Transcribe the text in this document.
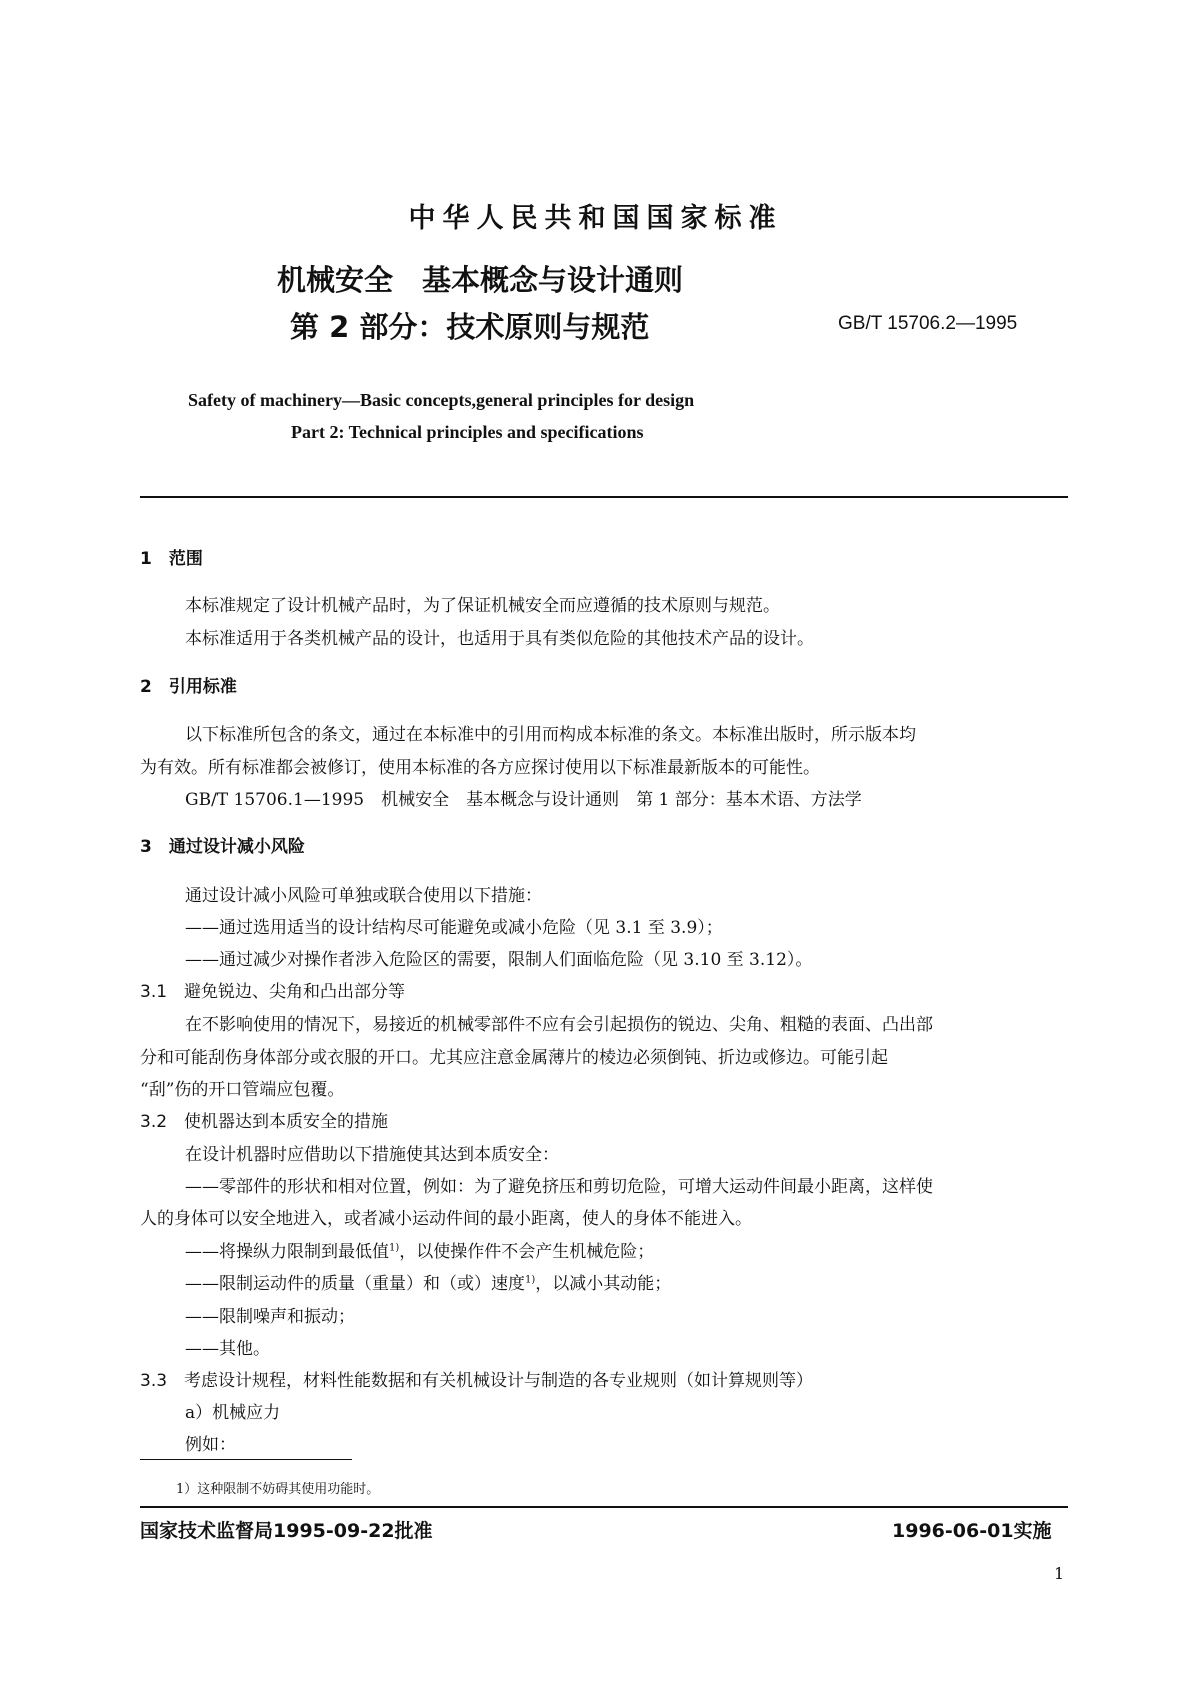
中华人民共和国国家标准
机械安全　基本概念与设计通则
第 2 部分：技术原则与规范	GB/T 15706.2—1995
Safety of machinery—Basic concepts,general principles for design
Part 2: Technical principles and specifications
1　范围
本标准规定了设计机械产品时，为了保证机械安全而应遵循的技术原则与规范。
本标准适用于各类机械产品的设计，也适用于具有类似危险的其他技术产品的设计。
2　引用标准
以下标准所包含的条文，通过在本标准中的引用而构成本标准的条文。本标准出版时，所示版本均
为有效。所有标准都会被修订，使用本标准的各方应探讨使用以下标准最新版本的可能性。
GB/T 15706.1—1995　机械安全　基本概念与设计通则　第 1 部分：基本术语、方法学
3　通过设计减小风险
通过设计减小风险可单独或联合使用以下措施：
——通过选用适当的设计结构尽可能避免或减小危险（见 3.1 至 3.9）；
——通过减少对操作者涉入危险区的需要，限制人们面临危险（见 3.10 至 3.12）。
3.1　避免锐边、尖角和凸出部分等
在不影响使用的情况下，易接近的机械零部件不应有会引起损伤的锐边、尖角、粗糙的表面、凸出部
分和可能刮伤身体部分或衣服的开口。尤其应注意金属薄片的棱边必须倒钝、折边或修边。可能引起
“刮”伤的开口管端应包覆。
3.2　使机器达到本质安全的措施
在设计机器时应借助以下措施使其达到本质安全：
——零部件的形状和相对位置，例如：为了避免挤压和剪切危险，可增大运动件间最小距离，这样使
人的身体可以安全地进入，或者减小运动件间的最小距离，使人的身体不能进入。
——将操纵力限制到最低值$^{1)}$，以使操作件不会产生机械危险；
——限制运动件的质量（重量）和（或）速度$^{1)}$，以减小其动能；
——限制噪声和振动；
——其他。
3.3　考虑设计规程，材料性能数据和有关机械设计与制造的各专业规则（如计算规则等）
a）机械应力
例如：
1）这种限制不妨碍其使用功能时。
国家技术监督局1995-09-22批准	1996-06-01实施
1
